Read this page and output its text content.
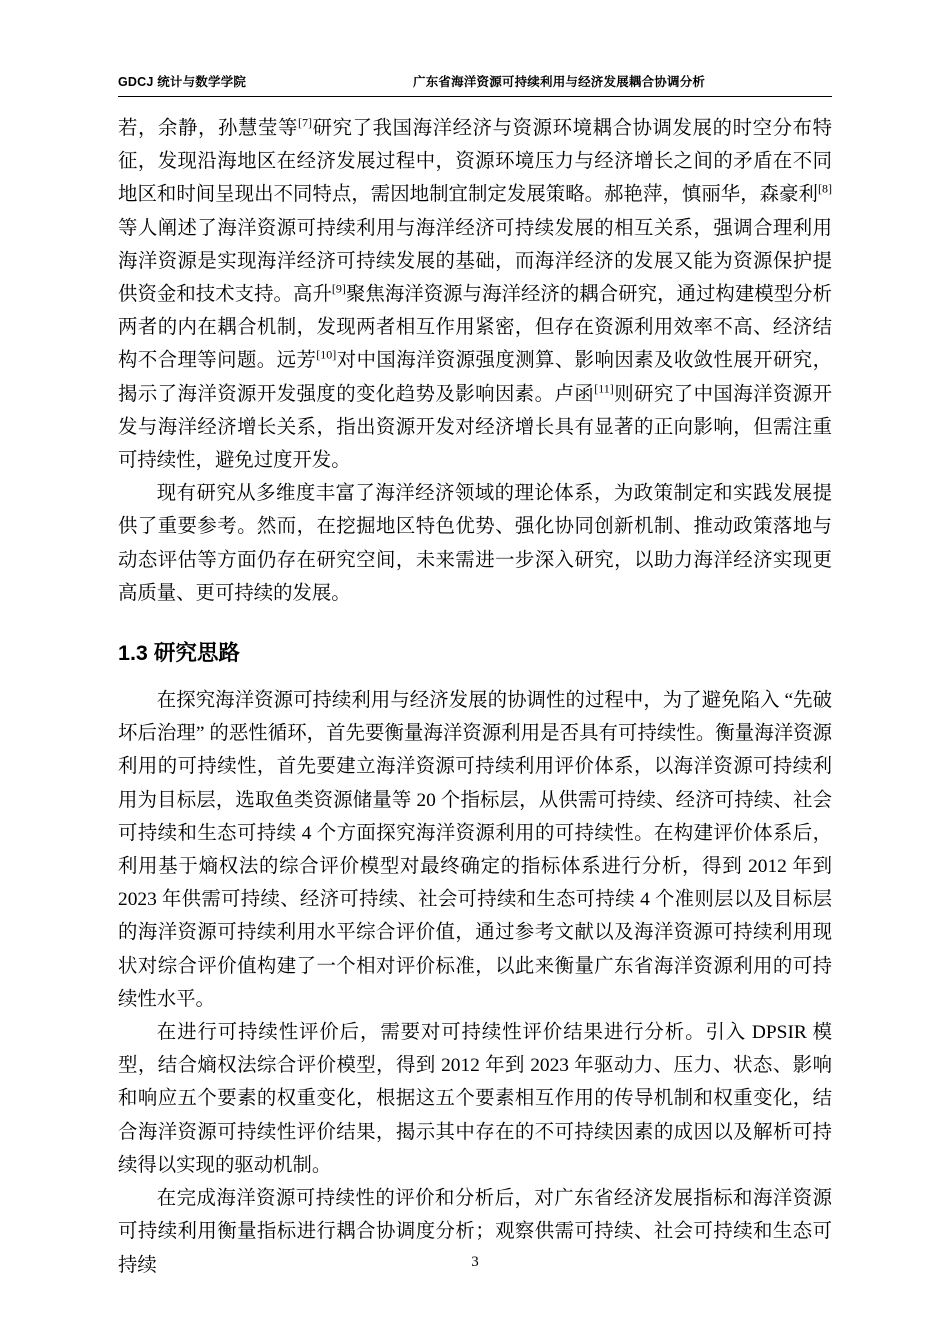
GDCJ 统计与数学学院	广东省海洋资源可持续利用与经济发展耦合协调分析

若，余静，孙慧莹等[7]研究了我国海洋经济与资源环境耦合协调发展的时空分布特征，发现沿海地区在经济发展过程中，资源环境压力与经济增长之间的矛盾在不同地区和时间呈现出不同特点，需因地制宜制定发展策略。郝艳萍，慎丽华，森豪利[8]等人阐述了海洋资源可持续利用与海洋经济可持续发展的相互关系，强调合理利用海洋资源是实现海洋经济可持续发展的基础，而海洋经济的发展又能为资源保护提供资金和技术支持。高升[9]聚焦海洋资源与海洋经济的耦合研究，通过构建模型分析两者的内在耦合机制，发现两者相互作用紧密，但存在资源利用效率不高、经济结构不合理等问题。远芳[10]对中国海洋资源强度测算、影响因素及收敛性展开研究，揭示了海洋资源开发强度的变化趋势及影响因素。卢函[11]则研究了中国海洋资源开发与海洋经济增长关系，指出资源开发对经济增长具有显著的正向影响，但需注重可持续性，避免过度开发。

现有研究从多维度丰富了海洋经济领域的理论体系，为政策制定和实践发展提供了重要参考。然而，在挖掘地区特色优势、强化协同创新机制、推动政策落地与动态评估等方面仍存在研究空间，未来需进一步深入研究，以助力海洋经济实现更高质量、更可持续的发展。

1.3 研究思路

在探究海洋资源可持续利用与经济发展的协调性的过程中，为了避免陷入 “先破坏后治理” 的恶性循环，首先要衡量海洋资源利用是否具有可持续性。衡量海洋资源利用的可持续性，首先要建立海洋资源可持续利用评价体系，以海洋资源可持续利用为目标层，选取鱼类资源储量等 20 个指标层，从供需可持续、经济可持续、社会可持续和生态可持续 4 个方面探究海洋资源利用的可持续性。在构建评价体系后，利用基于熵权法的综合评价模型对最终确定的指标体系进行分析，得到 2012 年到 2023 年供需可持续、经济可持续、社会可持续和生态可持续 4 个准则层以及目标层的海洋资源可持续利用水平综合评价值，通过参考文献以及海洋资源可持续利用现状对综合评价值构建了一个相对评价标准，以此来衡量广东省海洋资源利用的可持续性水平。

在进行可持续性评价后，需要对可持续性评价结果进行分析。引入 DPSIR 模型，结合熵权法综合评价模型，得到 2012 年到 2023 年驱动力、压力、状态、影响和响应五个要素的权重变化，根据这五个要素相互作用的传导机制和权重变化，结合海洋资源可持续性评价结果，揭示其中存在的不可持续因素的成因以及解析可持续得以实现的驱动机制。

在完成海洋资源可持续性的评价和分析后，对广东省经济发展指标和海洋资源可持续利用衡量指标进行耦合协调度分析；观察供需可持续、社会可持续和生态可持续	3
